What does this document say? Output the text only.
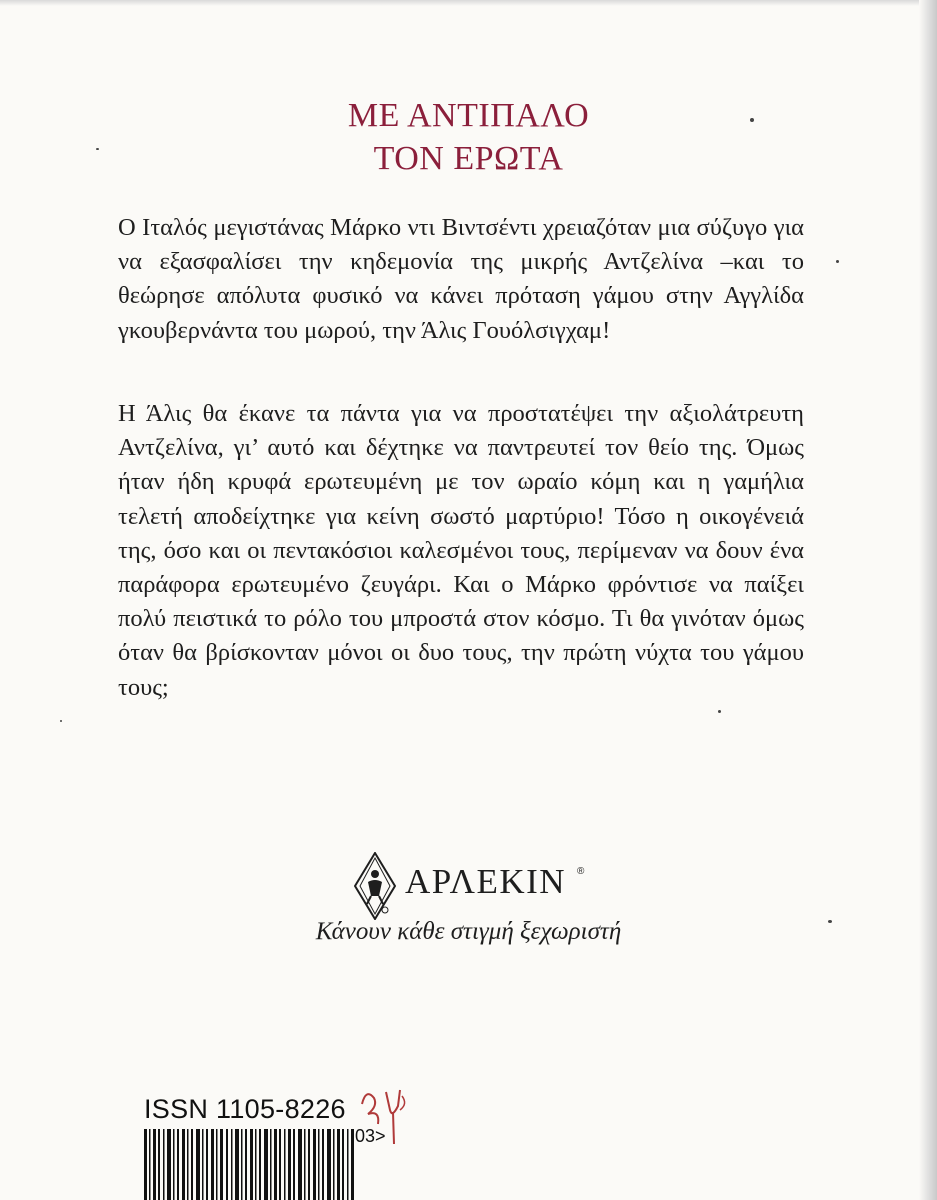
ΜΕ ΑΝΤΙΠΑΛΟ
ΤΟΝ ΕΡΩΤΑ

Ο Ιταλός μεγιστάνας Μάρκο ντι Βιντσέντι χρειαζόταν μια σύζυγο για να εξασφαλίσει την κηδεμονία της μικρής Αντζελίνα –και το θεώρησε απόλυτα φυσικό να κάνει πρόταση γάμου στην Αγγλίδα γκουβερνάντα του μωρού, την Άλις Γουόλσιγχαμ!

Η Άλις θα έκανε τα πάντα για να προστατέψει την αξιολάτρευτη Αντζελίνα, γι’ αυτό και δέχτηκε να παντρευτεί τον θείο της. Όμως ήταν ήδη κρυφά ερωτευμένη με τον ωραίο κόμη και η γαμήλια τελετή αποδείχτηκε για κείνη σωστό μαρτύριο! Τόσο η οικογένειά της, όσο και οι πεντακόσιοι καλεσμένοι τους, περίμεναν να δουν ένα παράφορα ερωτευμένο ζευγάρι. Και ο Μάρκο φρόντισε να παίξει πολύ πειστικά το ρόλο του μπροστά στον κόσμο. Τι θα γινόταν όμως όταν θα βρίσκονταν μόνοι οι δυο τους, την πρώτη νύχτα του γάμου τους;

ΑΡΛΕΚΙΝ ®
Κάνουν κάθε στιγμή ξεχωριστή
ISSN 1105-8226
03>
